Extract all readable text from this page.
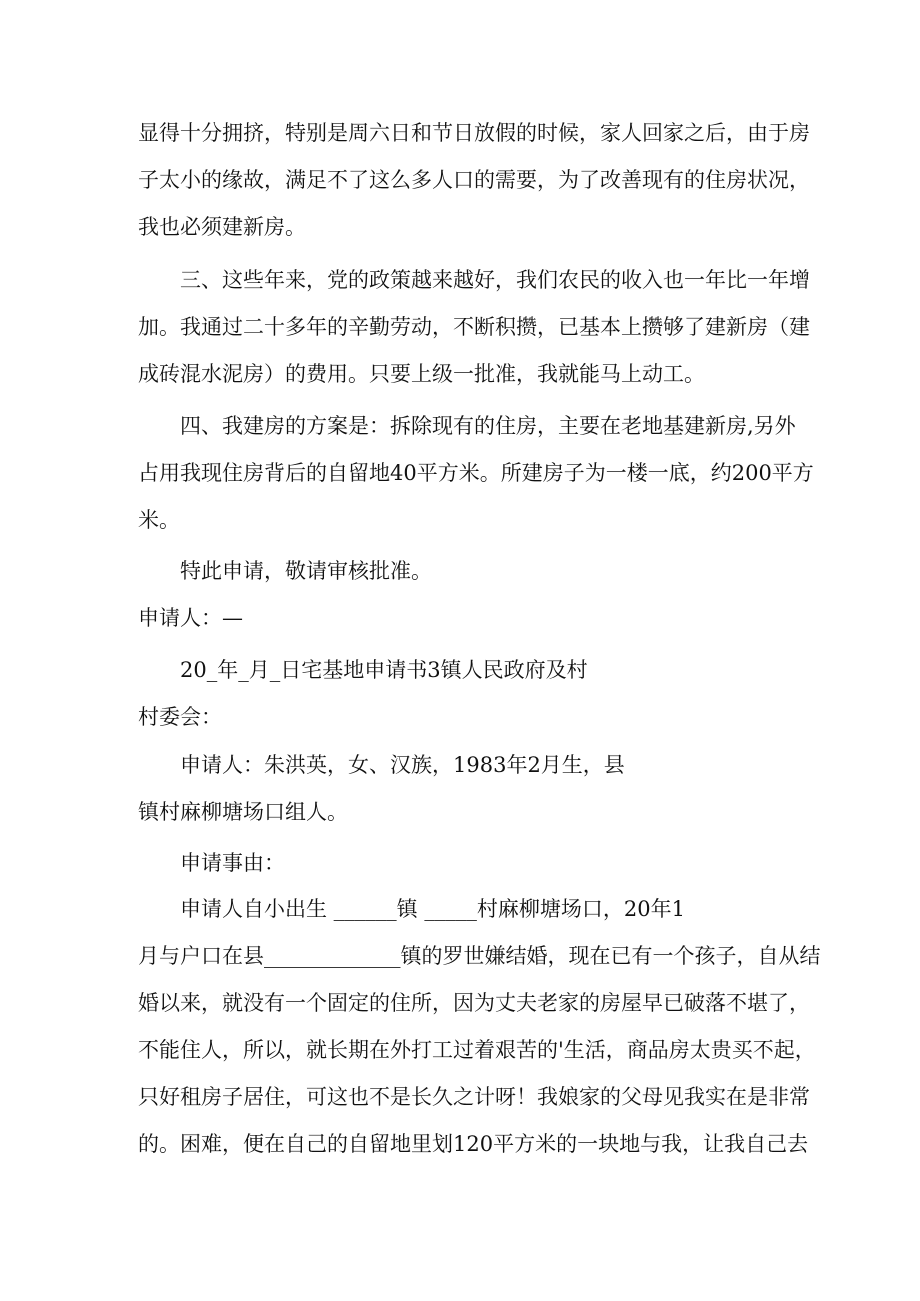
显得十分拥挤，特别是周六日和节日放假的时候，家人回家之后，由于房

子太小的缘故，满足不了这么多人口的需要，为了改善现有的住房状况，

我也必须建新房。

三、这些年来，党的政策越来越好，我们农民的收入也一年比一年增

加。我通过二十多年的辛勤劳动，不断积攒，已基本上攒够了建新房（建

成砖混水泥房）的费用。只要上级一批准，我就能马上动工。

四、我建房的方案是：拆除现有的住房，主要在老地基建新房,另外

占用我现住房背后的自留地40平方米。所建房子为一楼一底，约200平方

米。

特此申请，敬请审核批准。

申请人：—

20_年_月_日宅基地申请书3镇人民政府及村

村委会：

申请人：朱洪英，女、汉族，1983年2月生，县

镇村麻柳塘场口组人。

申请事由：

申请人自小出生 ______镇 _____村麻柳塘场口，20年1

月与户口在县_____________镇的罗世嫌结婚，现在已有一个孩子，自从结

婚以来，就没有一个固定的住所，因为丈夫老家的房屋早已破落不堪了，

不能住人，所以，就长期在外打工过着艰苦的'生活，商品房太贵买不起，

只好租房子居住，可这也不是长久之计呀！我娘家的父母见我实在是非常

的。困难，便在自己的自留地里划120平方米的一块地与我，让我自己去
